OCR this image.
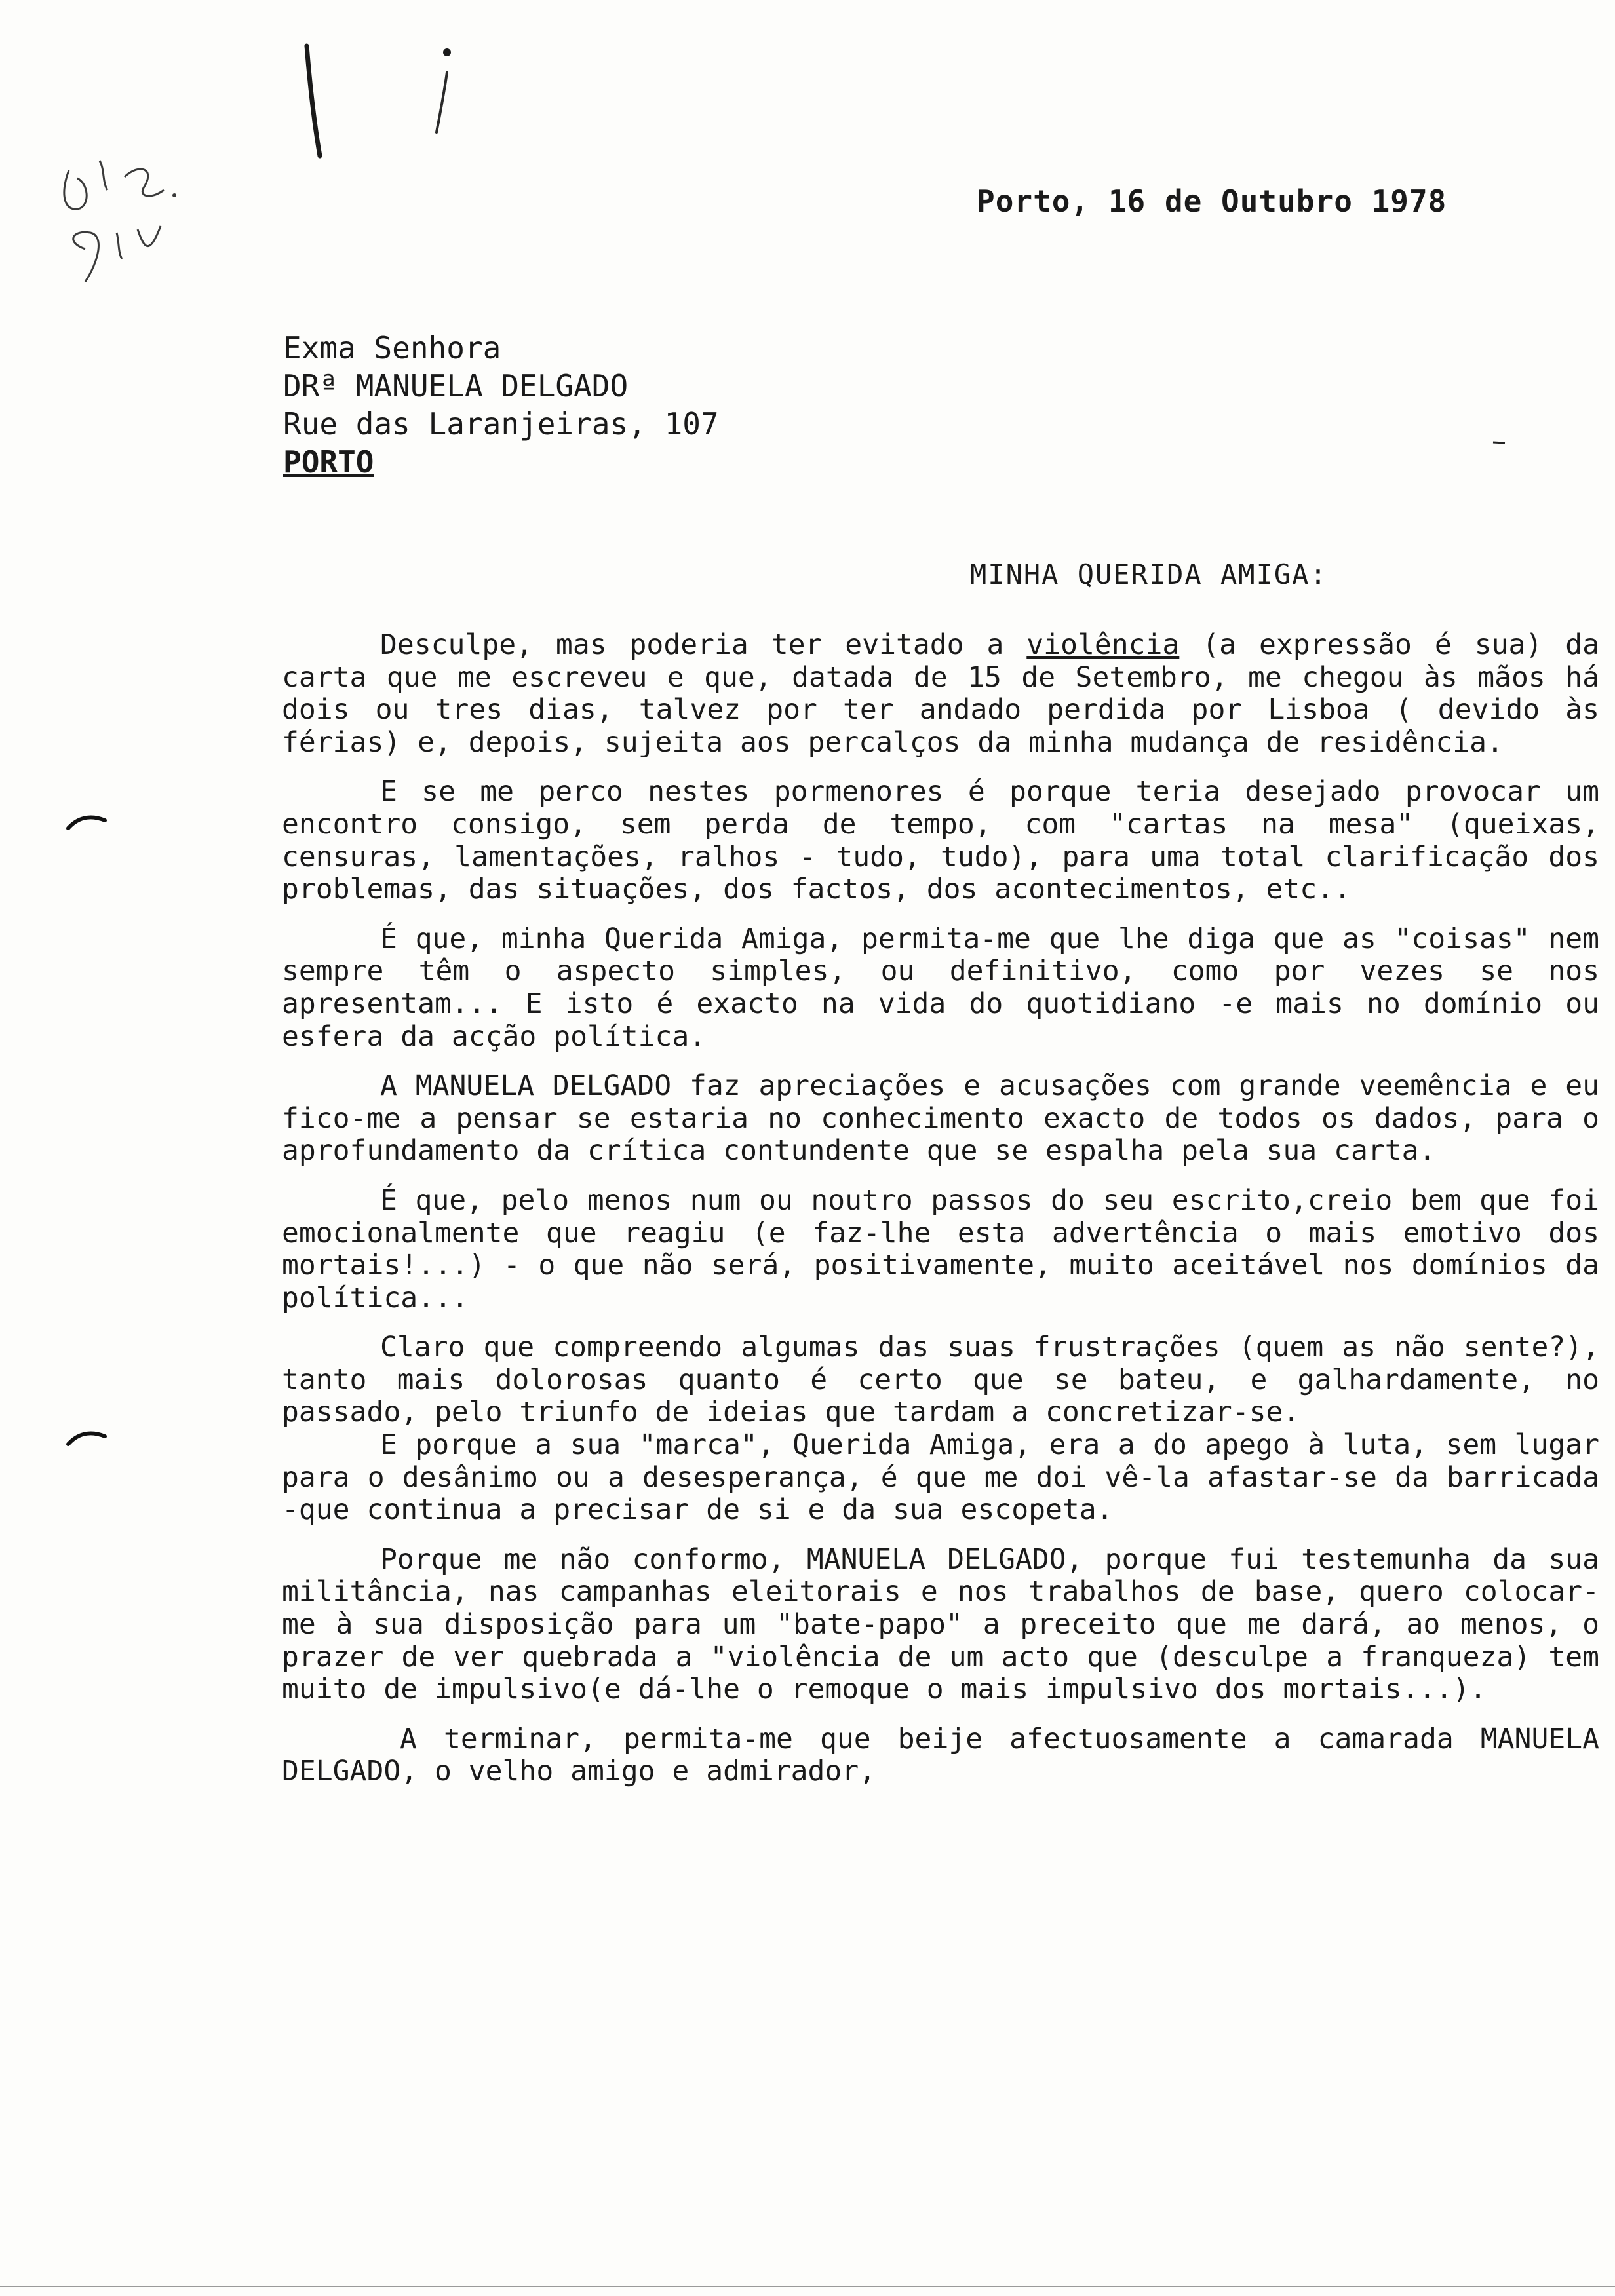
Porto, 16 de Outubro 1978
Exma Senhora
DRª MANUELA DELGADO
Rue das Laranjeiras, 107
PORTO
MINHA QUERIDA AMIGA:

Desculpe, mas poderia ter evitado a violência (a expressão é sua) da carta que me escreveu e que, datada de 15 de Setembro, me chegou às mãos há dois ou tres dias, talvez por ter andado perdida por Lisboa ( devido às férias) e, depois, sujeita aos percalços da minha mudança de residência.

E se me perco nestes pormenores é porque teria desejado provocar um encontro consigo, sem perda de tempo, com "cartas na mesa" (queixas, censuras, lamentações, ralhos - tudo, tudo), para uma total clarificação dos problemas, das situações, dos factos, dos acontecimentos, etc..

É que, minha Querida Amiga, permita-me que lhe diga que as "coisas" nem sempre têm o aspecto simples, ou definitivo, como por vezes se nos apresentam... E isto é exacto na vida do quotidiano -e mais no domínio ou esfera da acção política.

A MANUELA DELGADO faz apreciações e acusações com grande veemência e eu fico-me a pensar se estaria no conhecimento exacto de todos os dados, para o aprofundamento da crítica contundente que se espalha pela sua carta.

É que, pelo menos num ou noutro passos do seu escrito,creio bem que foi emocionalmente que reagiu (e faz-lhe esta advertência o mais emotivo dos mortais!...) - o que não será, positivamente, muito aceitável nos domínios da política...

Claro que compreendo algumas das suas frustrações (quem as não sente?), tanto mais dolorosas quanto é certo que se bateu, e galhardamente, no passado, pelo triunfo de ideias que tardam a concretizar-se.

E porque a sua "marca", Querida Amiga, era a do apego à luta, sem lugar para o desânimo ou a desesperança, é que me doi vê-la afastar-se da barricada -que continua a precisar de si e da sua escopeta.

Porque me não conformo, MANUELA DELGADO, porque fui testemunha da sua militância, nas campanhas eleitorais e nos trabalhos de base, quero colocar-me à sua disposição para um "bate-papo" a preceito que me dará, ao menos, o prazer de ver quebrada a "violência de um acto que (desculpe a franqueza) tem muito de impulsivo(e dá-lhe o remoque o mais impulsivo dos mortais...).

A terminar, permita-me que beije afectuosamente a camarada MANUELA DELGADO, o velho amigo e admirador,
